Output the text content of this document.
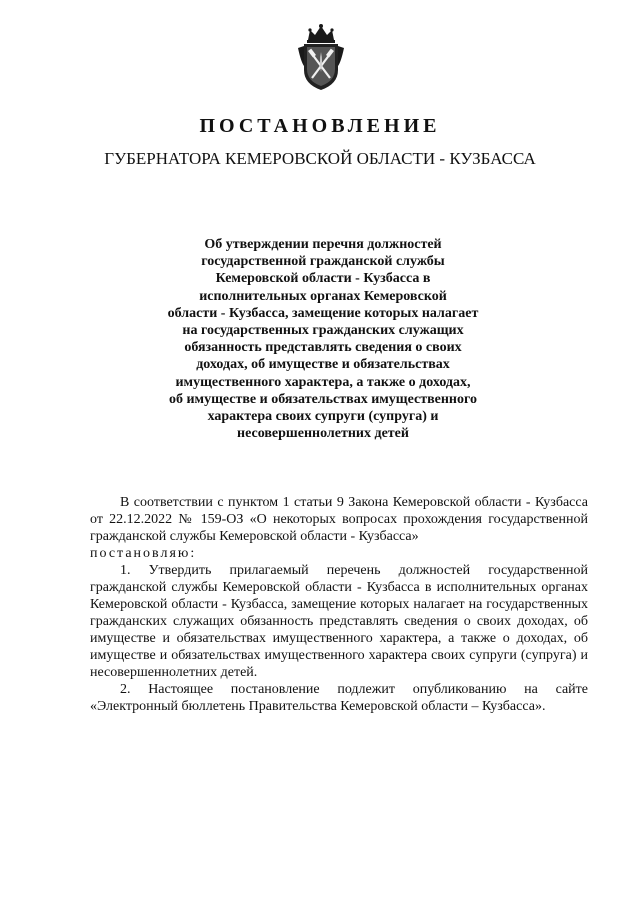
ПОСТАНОВЛЕНИЕ
ГУБЕРНАТОРА КЕМЕРОВСКОЙ ОБЛАСТИ - КУЗБАССА
Об утверждении перечня должностей
государственной гражданской службы
Кемеровской области - Кузбасса в
исполнительных органах Кемеровской
области - Кузбасса, замещение которых налагает
на государственных гражданских служащих
обязанность представлять сведения о своих
доходах, об имуществе и обязательствах
имущественного характера, а также о доходах,
об имуществе и обязательствах имущественного
характера своих супруги (супруга) и
несовершеннолетних детей

В соответствии с пунктом 1 статьи 9 Закона Кемеровской области - Кузбасса от 22.12.2022 № 159-ОЗ «О некоторых вопросах прохождения государственной гражданской службы Кемеровской области - Кузбасса»

постановляю:

1. Утвердить прилагаемый перечень должностей государственной гражданской службы Кемеровской области - Кузбасса в исполнительных органах Кемеровской области - Кузбасса, замещение которых налагает на государственных гражданских служащих обязанность представлять сведения о своих доходах, об имуществе и обязательствах имущественного характера, а также о доходах, об имуществе и обязательствах имущественного характера своих супруги (супруга) и несовершеннолетних детей.

2. Настоящее постановление подлежит опубликованию на сайте «Электронный бюллетень Правительства Кемеровской области – Кузбасса».
